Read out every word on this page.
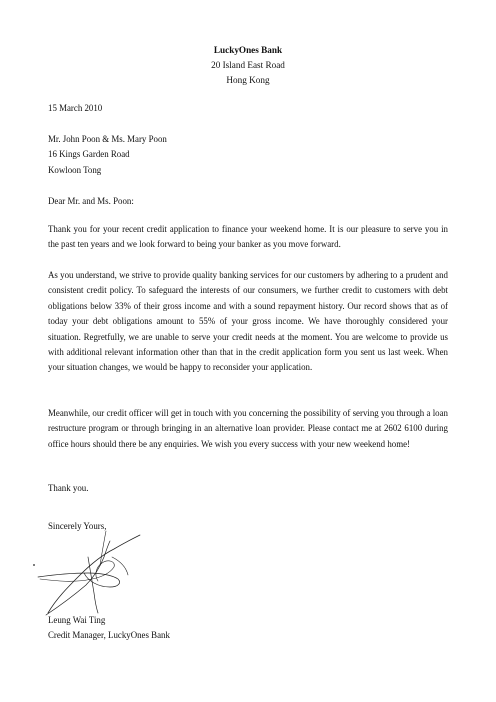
LuckyOnes Bank
20 Island East Road
Hong Kong
15 March 2010
Mr. John Poon & Ms. Mary Poon
16 Kings Garden Road
Kowloon Tong
Dear Mr. and Ms. Poon:
Thank you for your recent credit application to finance your weekend home. It is our pleasure to serve you in the past ten years and we look forward to being your banker as you move forward.
As you understand, we strive to provide quality banking services for our customers by adhering to a prudent and consistent credit policy. To safeguard the interests of our consumers, we further credit to customers with debt obligations below 33% of their gross income and with a sound repayment history. Our record shows that as of today your debt obligations amount to 55% of your gross income. We have thoroughly considered your situation. Regretfully, we are unable to serve your credit needs at the moment. You are welcome to provide us with additional relevant information other than that in the credit application form you sent us last week. When your situation changes, we would be happy to reconsider your application.
Meanwhile, our credit officer will get in touch with you concerning the possibility of serving you through a loan restructure program or through bringing in an alternative loan provider. Please contact me at 2602 6100 during office hours should there be any enquiries. We wish you every success with your new weekend home!
Thank you.
Sincerely Yours,
Leung Wai Ting
Credit Manager, LuckyOnes Bank
